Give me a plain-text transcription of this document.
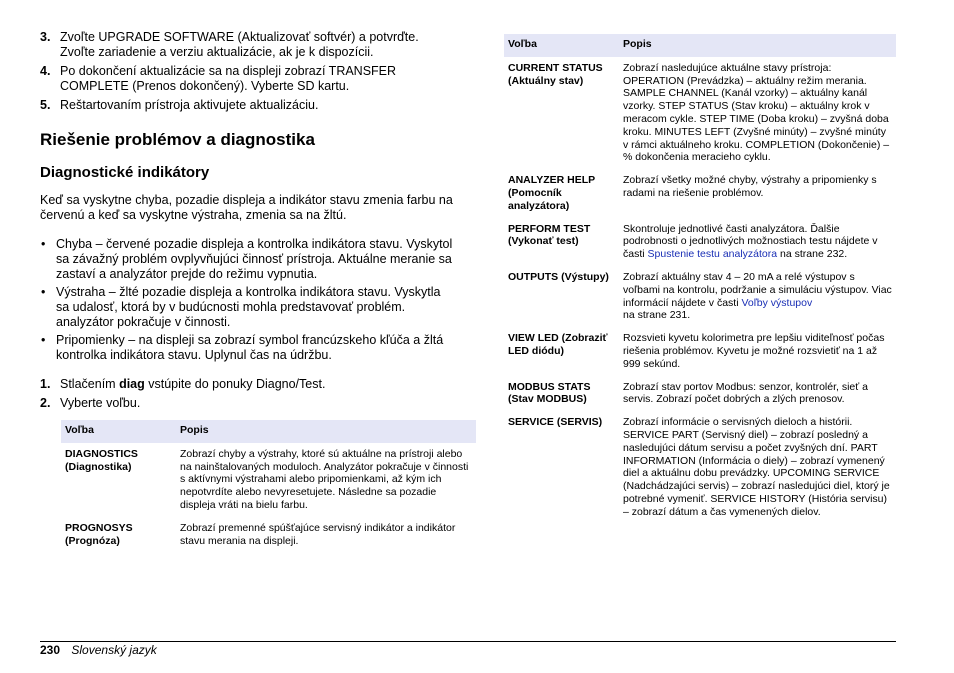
3. Zvoľte UPGRADE SOFTWARE (Aktualizovať softvér) a potvrďte. Zvoľte zariadenie a verziu aktualizácie, ak je k dispozícii.
4. Po dokončení aktualizácie sa na displeji zobrazí TRANSFER COMPLETE (Prenos dokončený). Vyberte SD kartu.
5. Reštartovaním prístroja aktivujete aktualizáciu.
Riešenie problémov a diagnostika
Diagnostické indikátory

Keď sa vyskytne chyba, pozadie displeja a indikátor stavu zmenia farbu na červenú a keď sa vyskytne výstraha, zmenia sa na žltú.

• Chyba – červené pozadie displeja a kontrolka indikátora stavu. Vyskytol sa závažný problém ovplyvňujúci činnosť prístroja. Aktuálne meranie sa zastaví a analyzátor prejde do režimu vypnutia.
• Výstraha – žlté pozadie displeja a kontrolka indikátora stavu. Vyskytla sa udalosť, ktorá by v budúcnosti mohla predstavovať problém. analyzátor pokračuje v činnosti.
• Pripomienky – na displeji sa zobrazí symbol francúzskeho kľúča a žltá kontrolka indikátora stavu. Uplynul čas na údržbu.
1. Stlačením diag vstúpite do ponuky Diagno/Test.
2. Vyberte voľbu.
Voľba	Popis
DIAGNOSTICS (Diagnostika)	Zobrazí chyby a výstrahy, ktoré sú aktuálne na prístroji alebo na nainštalovaných moduloch. Analyzátor pokračuje v činnosti s aktívnymi výstrahami alebo pripomienkami, až kým ich nepotvrdíte alebo nevyresetujete. Následne sa pozadie displeja vráti na bielu farbu.
PROGNOSYS (Prognóza)	Zobrazí premenné spúšťajúce servisný indikátor a indikátor stavu merania na displeji.
Voľba	Popis
CURRENT STATUS (Aktuálny stav)	Zobrazí nasledujúce aktuálne stavy prístroja: OPERATION (Prevádzka) – aktuálny režim merania. SAMPLE CHANNEL (Kanál vzorky) – aktuálny kanál vzorky. STEP STATUS (Stav kroku) – aktuálny krok v meracom cykle. STEP TIME (Doba kroku) – zvyšná doba kroku. MINUTES LEFT (Zvyšné minúty) – zvyšné minúty v rámci aktuálneho kroku. COMPLETION (Dokončenie) – % dokončenia meracieho cyklu.
ANALYZER HELP (Pomocník analyzátora)	Zobrazí všetky možné chyby, výstrahy a pripomienky s radami na riešenie problémov.
PERFORM TEST (Vykonať test)	Skontroluje jednotlivé časti analyzátora. Ďalšie podrobnosti o jednotlivých možnostiach testu nájdete v časti Spustenie testu analyzátora na strane 232.
OUTPUTS (Výstupy)	Zobrazí aktuálny stav 4 – 20 mA a relé výstupov s voľbami na kontrolu, podržanie a simuláciu výstupov. Viac informácií nájdete v časti Voľby výstupov
na strane 231.
VIEW LED (Zobraziť LED diódu)	Rozsvieti kyvetu kolorimetra pre lepšiu viditeľnosť počas riešenia problémov. Kyvetu je možné rozsvietiť na 1 až 999 sekúnd.
MODBUS STATS (Stav MODBUS)	Zobrazí stav portov Modbus: senzor, kontrolér, sieť a servis. Zobrazí počet dobrých a zlých prenosov.
SERVICE (SERVIS)	Zobrazí informácie o servisných dieloch a histórii. SERVICE PART (Servisný diel) – zobrazí posledný a nasledujúci dátum servisu a počet zvyšných dní. PART INFORMATION (Informácia o diely) – zobrazí vymenený diel a aktuálnu dobu prevádzky. UPCOMING SERVICE (Nadchádzajúci servis) – zobrazí nasledujúci diel, ktorý je potrebné vymeniť. SERVICE HISTORY (História servisu) – zobrazí dátum a čas vymenených dielov.
230 Slovenský jazyk
